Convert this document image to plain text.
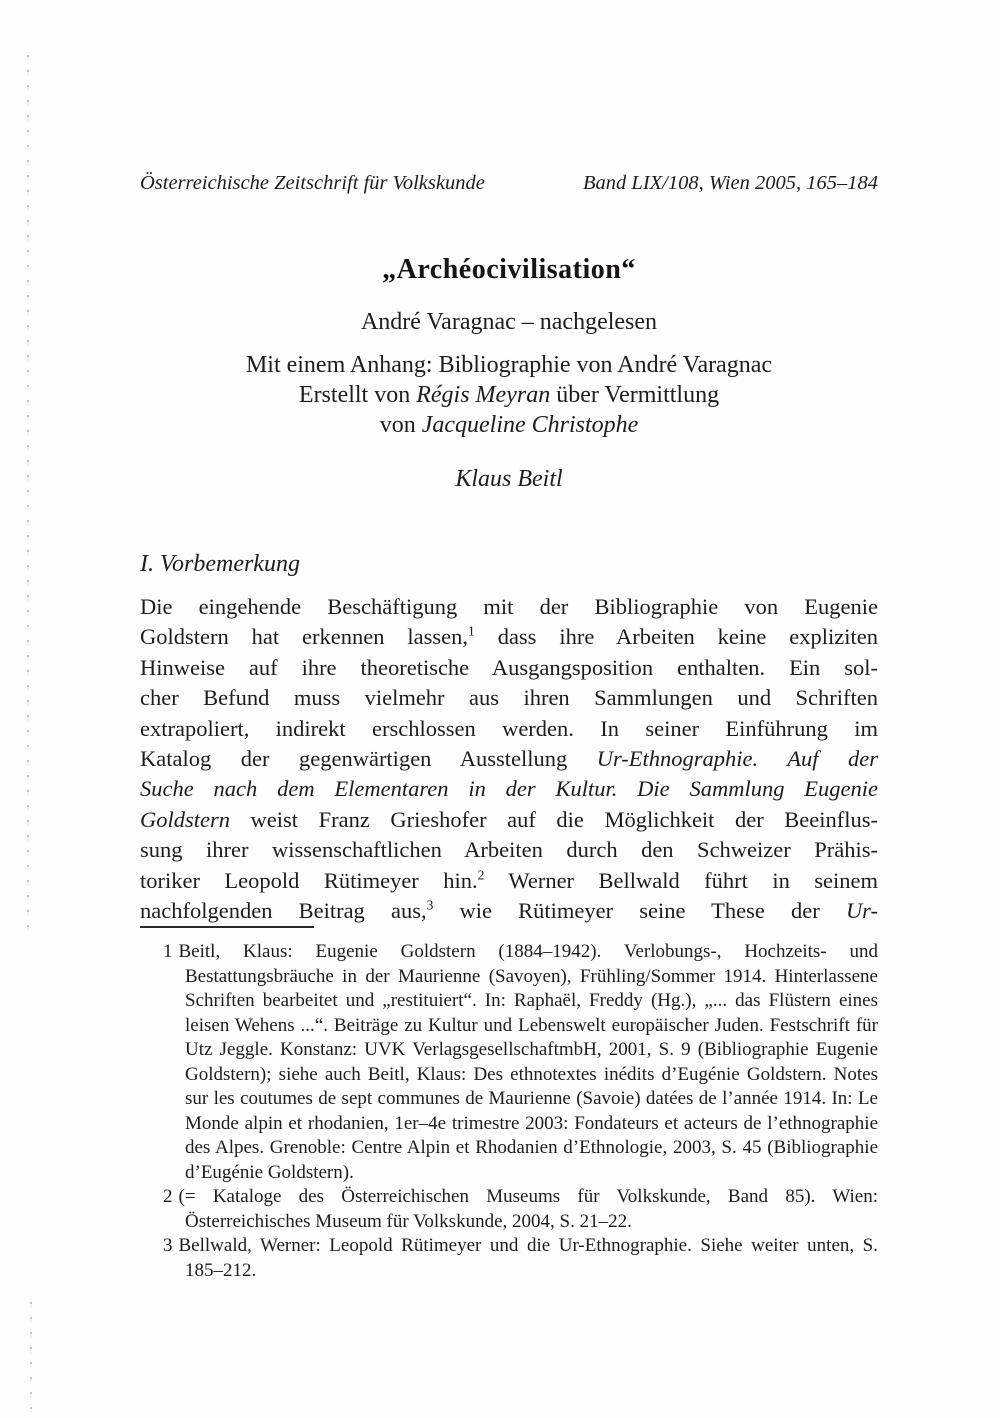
Österreichische Zeitschrift für Volkskunde	Band LIX/108, Wien 2005, 165–184
„Archéocivilisation“
André Varagnac – nachgelesen
Mit einem Anhang: Bibliographie von André Varagnac
Erstellt von Régis Meyran über Vermittlung
von Jacqueline Christophe
Klaus Beitl
I. Vorbemerkung
Die eingehende Beschäftigung mit der Bibliographie von Eugenie
Goldstern hat erkennen lassen,$^1$ dass ihre Arbeiten keine expliziten
Hinweise auf ihre theoretische Ausgangsposition enthalten. Ein sol-
cher Befund muss vielmehr aus ihren Sammlungen und Schriften
extrapoliert, indirekt erschlossen werden. In seiner Einführung im
Katalog der gegenwärtigen Ausstellung Ur-Ethnographie. Auf der
Suche nach dem Elementaren in der Kultur. Die Sammlung Eugenie
Goldstern weist Franz Grieshofer auf die Möglichkeit der Beeinflus-
sung ihrer wissenschaftlichen Arbeiten durch den Schweizer Prähis-
toriker Leopold Rütimeyer hin.$^2$ Werner Bellwald führt in seinem
nachfolgenden Beitrag aus,$^3$ wie Rütimeyer seine These der Ur-
1 Beitl, Klaus: Eugenie Goldstern (1884–1942). Verlobungs-, Hochzeits- und Bestattungsbräuche in der Maurienne (Savoyen), Frühling/Sommer 1914. Hinterlassene Schriften bearbeitet und „restituiert“. In: Raphaël, Freddy (Hg.), „... das Flüstern eines leisen Wehens ...“. Beiträge zu Kultur und Lebenswelt europäischer Juden. Festschrift für Utz Jeggle. Konstanz: UVK VerlagsgesellschaftmbH, 2001, S. 9 (Bibliographie Eugenie Goldstern); siehe auch Beitl, Klaus: Des ethnotextes inédits d’Eugénie Goldstern. Notes sur les coutumes de sept communes de Maurienne (Savoie) datées de l’année 1914. In: Le Monde alpin et rhodanien, 1er–4e trimestre 2003: Fondateurs et acteurs de l’ethnographie des Alpes. Grenoble: Centre Alpin et Rhodanien d’Ethnologie, 2003, S. 45 (Bibliographie d’Eugénie Goldstern).
2 (= Kataloge des Österreichischen Museums für Volkskunde, Band 85). Wien: Österreichisches Museum für Volkskunde, 2004, S. 21–22.
3 Bellwald, Werner: Leopold Rütimeyer und die Ur-Ethnographie. Siehe weiter unten, S. 185–212.
